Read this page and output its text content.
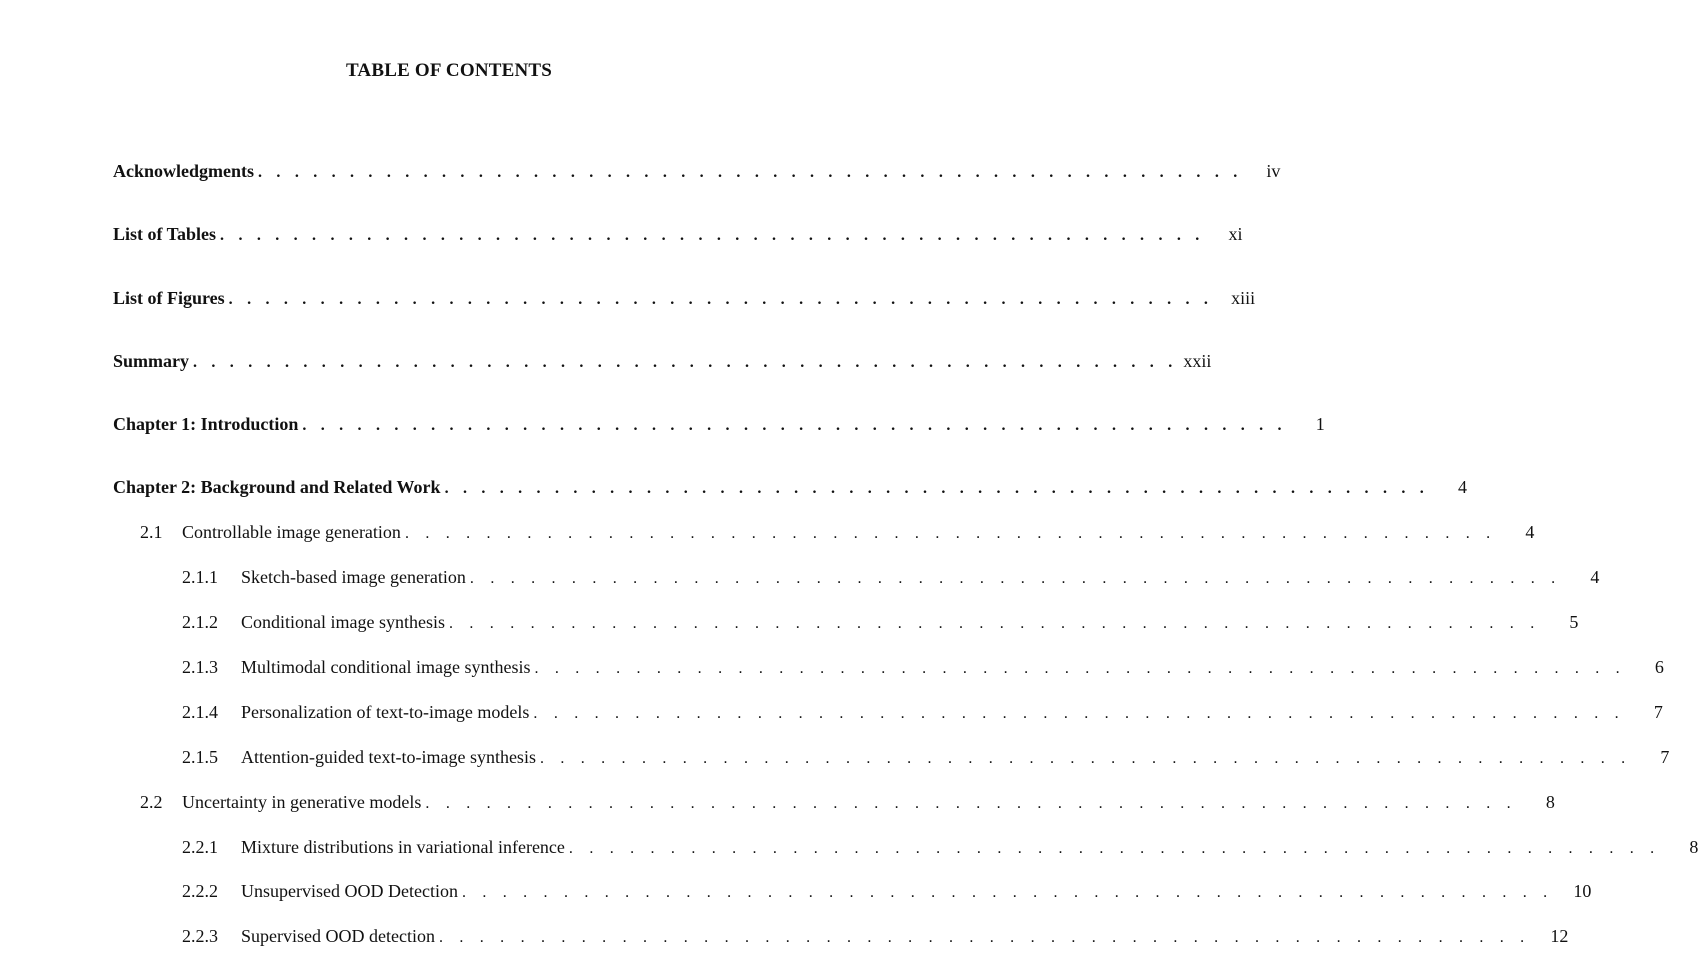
TABLE OF CONTENTS
Acknowledgments . . . . . . . . . . . . . . . . . . . . . . . . . . . . . . . . . . . . . . . . . . . . . . . . . . . . . .	iv
List of Tables . . . . . . . . . . . . . . . . . . . . . . . . . . . . . . . . . . . . . . . . . . . . . . . . . . . . . .	xi
List of Figures . . . . . . . . . . . . . . . . . . . . . . . . . . . . . . . . . . . . . . . . . . . . . . . . . . . . . .	xiii
Summary . . . . . . . . . . . . . . . . . . . . . . . . . . . . . . . . . . . . . . . . . . . . . . . . . . . . . . xxii
Chapter 1: Introduction . . . . . . . . . . . . . . . . . . . . . . . . . . . . . . . . . . . . . . . . . . . . . . . . . . . . . .	1
Chapter 2: Background and Related Work . . . . . . . . . . . . . . . . . . . . . . . . . . . . . . . . . . . . . . . . . . . . . . . . . . . . . .	4
2.1	Controllable image generation . . . . . . . . . . . . . . . . . . . . . . . . . . . . . . . . . . . . . . . . . . . . . . . . . . . . . .	4
2.1.1	Sketch-based image generation . . . . . . . . . . . . . . . . . . . . . . . . . . . . . . . . . . . . . . . . . . . . . . . . . . . . . .	4
2.1.2	Conditional image synthesis . . . . . . . . . . . . . . . . . . . . . . . . . . . . . . . . . . . . . . . . . . . . . . . . . . . . . .	5
2.1.3	Multimodal conditional image synthesis . . . . . . . . . . . . . . . . . . . . . . . . . . . . . . . . . . . . . . . . . . . . . . . . . . . . . .	6
2.1.4	Personalization of text-to-image models . . . . . . . . . . . . . . . . . . . . . . . . . . . . . . . . . . . . . . . . . . . . . . . . . . . . . .	7
2.1.5	Attention-guided text-to-image synthesis . . . . . . . . . . . . . . . . . . . . . . . . . . . . . . . . . . . . . . . . . . . . . . . . . . . . . .	7
2.2	Uncertainty in generative models . . . . . . . . . . . . . . . . . . . . . . . . . . . . . . . . . . . . . . . . . . . . . . . . . . . . . .	8
2.2.1	Mixture distributions in variational inference . . . . . . . . . . . . . . . . . . . . . . . . . . . . . . . . . . . . . . . . . . . . . . . . . . . . . .	8
2.2.2	Unsupervised OOD Detection . . . . . . . . . . . . . . . . . . . . . . . . . . . . . . . . . . . . . . . . . . . . . . . . . . . . . .	10
2.2.3	Supervised OOD detection . . . . . . . . . . . . . . . . . . . . . . . . . . . . . . . . . . . . . . . . . . . . . . . . . . . . . .	12
